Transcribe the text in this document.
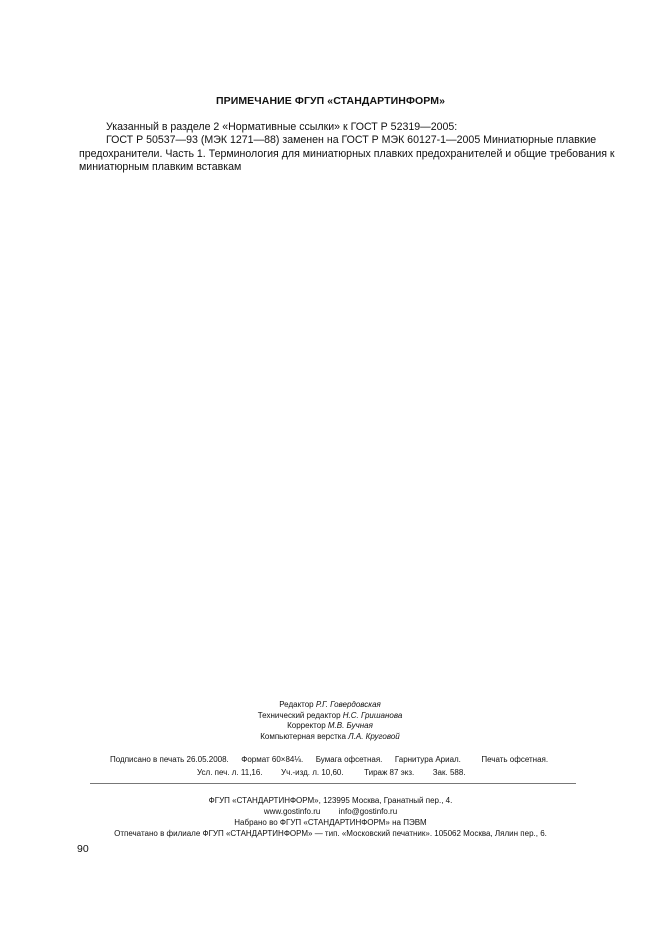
ПРИМЕЧАНИЕ ФГУП «СТАНДАРТИНФОРМ»

Указанный в разделе 2 «Нормативные ссылки» к ГОСТ Р 52319—2005:

ГОСТ Р 50537—93 (МЭК 1271—88) заменен на ГОСТ Р МЭК 60127-1—2005 Миниатюрные плавкие предохранители. Часть 1. Терминология для миниатюрных плавких предохранителей и общие требования к миниатюрным плавким вставкам

Редактор Р.Г. Говердовская
Технический редактор Н.С. Гришанова
Корректор М.В. Бучная
Компьютерная верстка Л.А. Круговой
Подписано в печать 26.05.2008. Формат 60×84⅛. Бумага офсетная. Гарнитура Ариал.	Печать офсетная.
Усл. печ. л. 11,16. Уч.-изд. л. 10,60.	Тираж 87 экз. Зак. 588.
ФГУП «СТАНДАРТИНФОРМ», 123995 Москва, Гранатный пер., 4.
www.gostinfo.ru info@gostinfo.ru
Набрано во ФГУП «СТАНДАРТИНФОРМ» на ПЭВМ
Отпечатано в филиале ФГУП «СТАНДАРТИНФОРМ» — тип. «Московский печатник». 105062 Москва, Лялин пер., 6.
90
